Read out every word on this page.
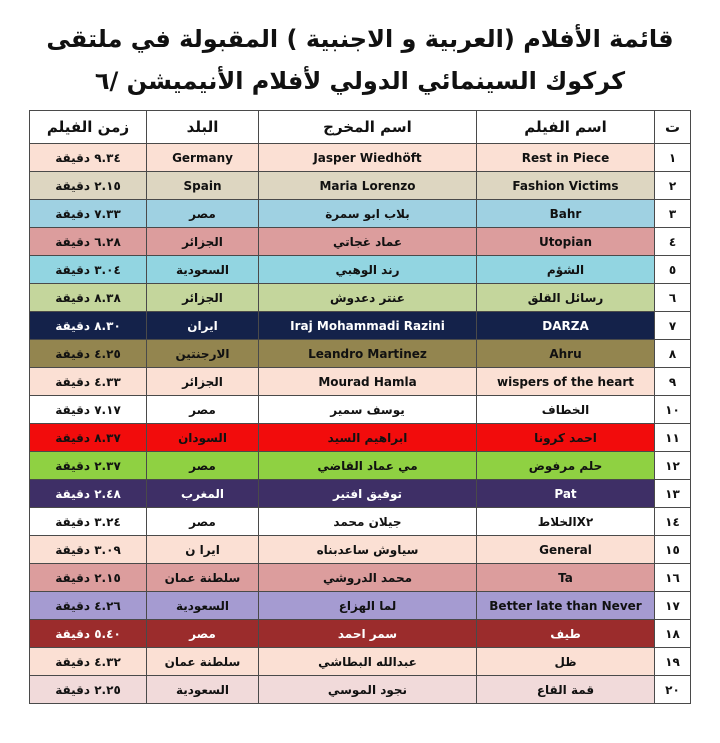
قائمة الأفلام (العربية و الاجنبية ) المقبولة في ملتقى
كركوك السينمائي الدولي لأفلام الأنيميشن /٦
ت	اسم الفيلم	اسم المخرج	البلد	زمن الفيلم
١	Rest in Piece	Jasper Wiedhöft	Germany	٩.٣٤ دقيقة
٢	Fashion Victims	Maria Lorenzo	Spain	٢.١٥ دقيقة
٣	Bahr	بلاب ابو سمرة	مصر	٧.٣٣ دقيقة
٤	Utopian	عماد غجاتي	الجزائر	٦.٢٨ دقيقة
٥	الشؤم	رند الوهبي	السعودية	٣.٠٤ دقيقة
٦	رسائل القلق	عنتر دعدوش	الجزائر	٨.٣٨ دقيقة
٧	DARZA	Iraj Mohammadi Razini	ايران	٨.٣٠ دقيقة
٨	Ahru	Leandro Martinez	الارجنتين	٤.٢٥ دقيقة
٩	wispers of the heart	Mourad Hamla	الجزائر	٤.٣٣ دقيقة
١٠	الخطاف	يوسف سمير	مصر	٧.١٧ دقيقة
١١	احمد كرونا	ابراهيم السيد	السودان	٨.٣٧ دقيقة
١٢	حلم مرفوض	مي عماد القاضي	مصر	٢.٣٧ دقيقة
١٣	Pat	توفيق افتير	المغرب	٢.٤٨ دقيقة
١٤	X٢الخلاط	جيلان محمد	مصر	٣.٢٤ دقيقة
١٥	General	سياوش ساعدبناه	ايرا ن	٣.٠٩ دقيقة
١٦	Ta	محمد الدروشي	سلطنة عمان	٢.١٥ دقيقة
١٧	Better late than Never	لما الهزاع	السعودية	٤.٢٦ دقيقة
١٨	طيف	سمر احمد	مصر	٥.٤٠ دقيقة
١٩	ظل	عبدالله البطاشي	سلطنة عمان	٤.٣٢ دقيقة
٢٠	قمة القاع	نجود الموسي	السعودية	٢.٢٥ دقيقة
